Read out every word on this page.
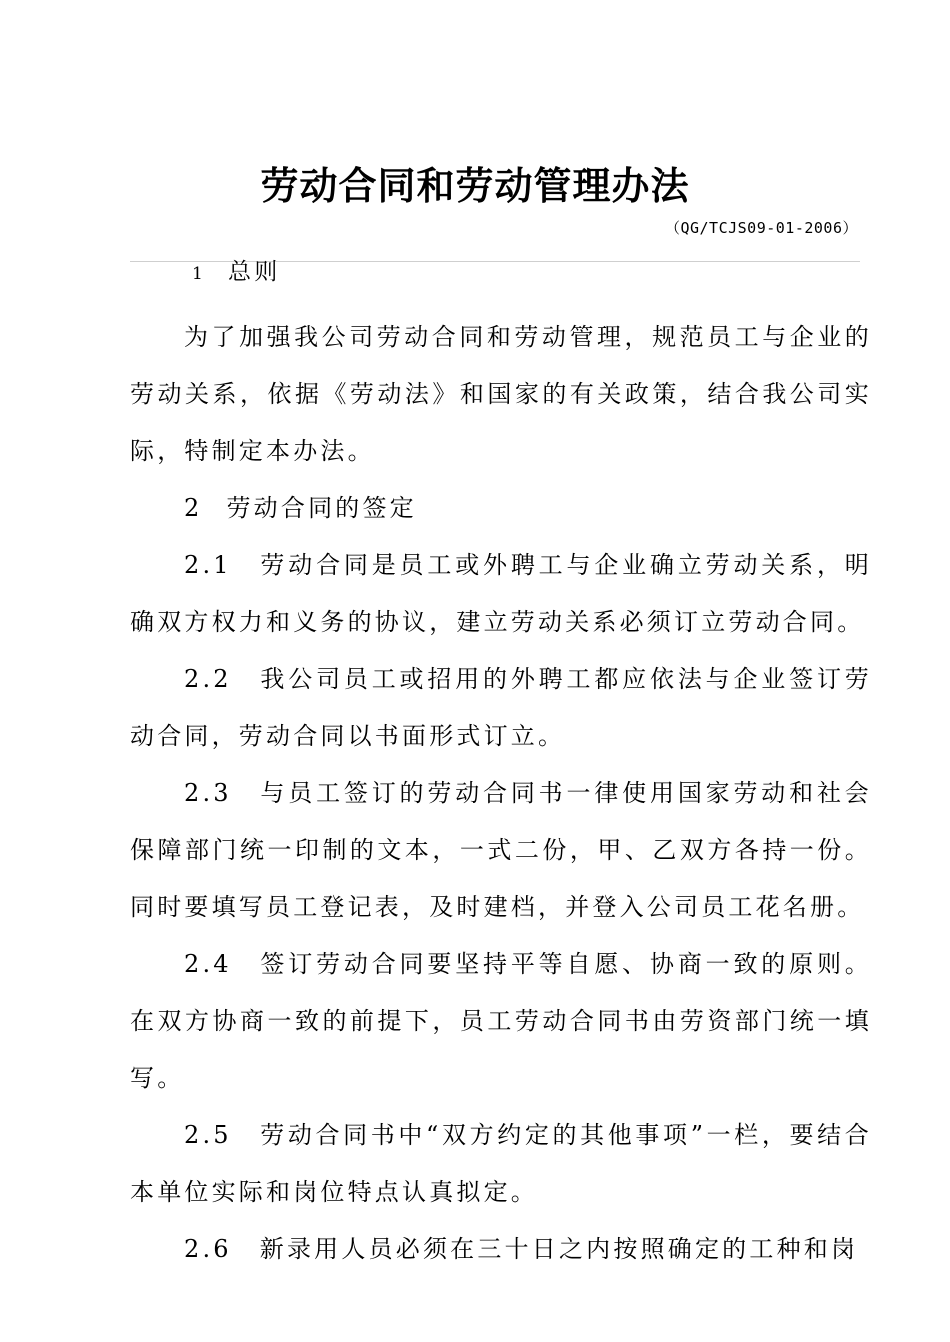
劳动合同和劳动管理办法
（QG/TCJS09-01-2006）

1 总则

为了加强我公司劳动合同和劳动管理，规范员工与企业的劳动关系，依据《劳动法》和国家的有关政策，结合我公司实际，特制定本办法。

2 劳动合同的签定

2.1 劳动合同是员工或外聘工与企业确立劳动关系，明确双方权力和义务的协议，建立劳动关系必须订立劳动合同。

2.2 我公司员工或招用的外聘工都应依法与企业签订劳动合同，劳动合同以书面形式订立。

2.3 与员工签订的劳动合同书一律使用国家劳动和社会保障部门统一印制的文本，一式二份，甲、乙双方各持一份。同时要填写员工登记表，及时建档，并登入公司员工花名册。

2.4 签订劳动合同要坚持平等自愿、协商一致的原则。在双方协商一致的前提下，员工劳动合同书由劳资部门统一填写。

2.5 劳动合同书中“双方约定的其他事项”一栏，要结合本单位实际和岗位特点认真拟定。

2.6 新录用人员必须在三十日之内按照确定的工种和岗
